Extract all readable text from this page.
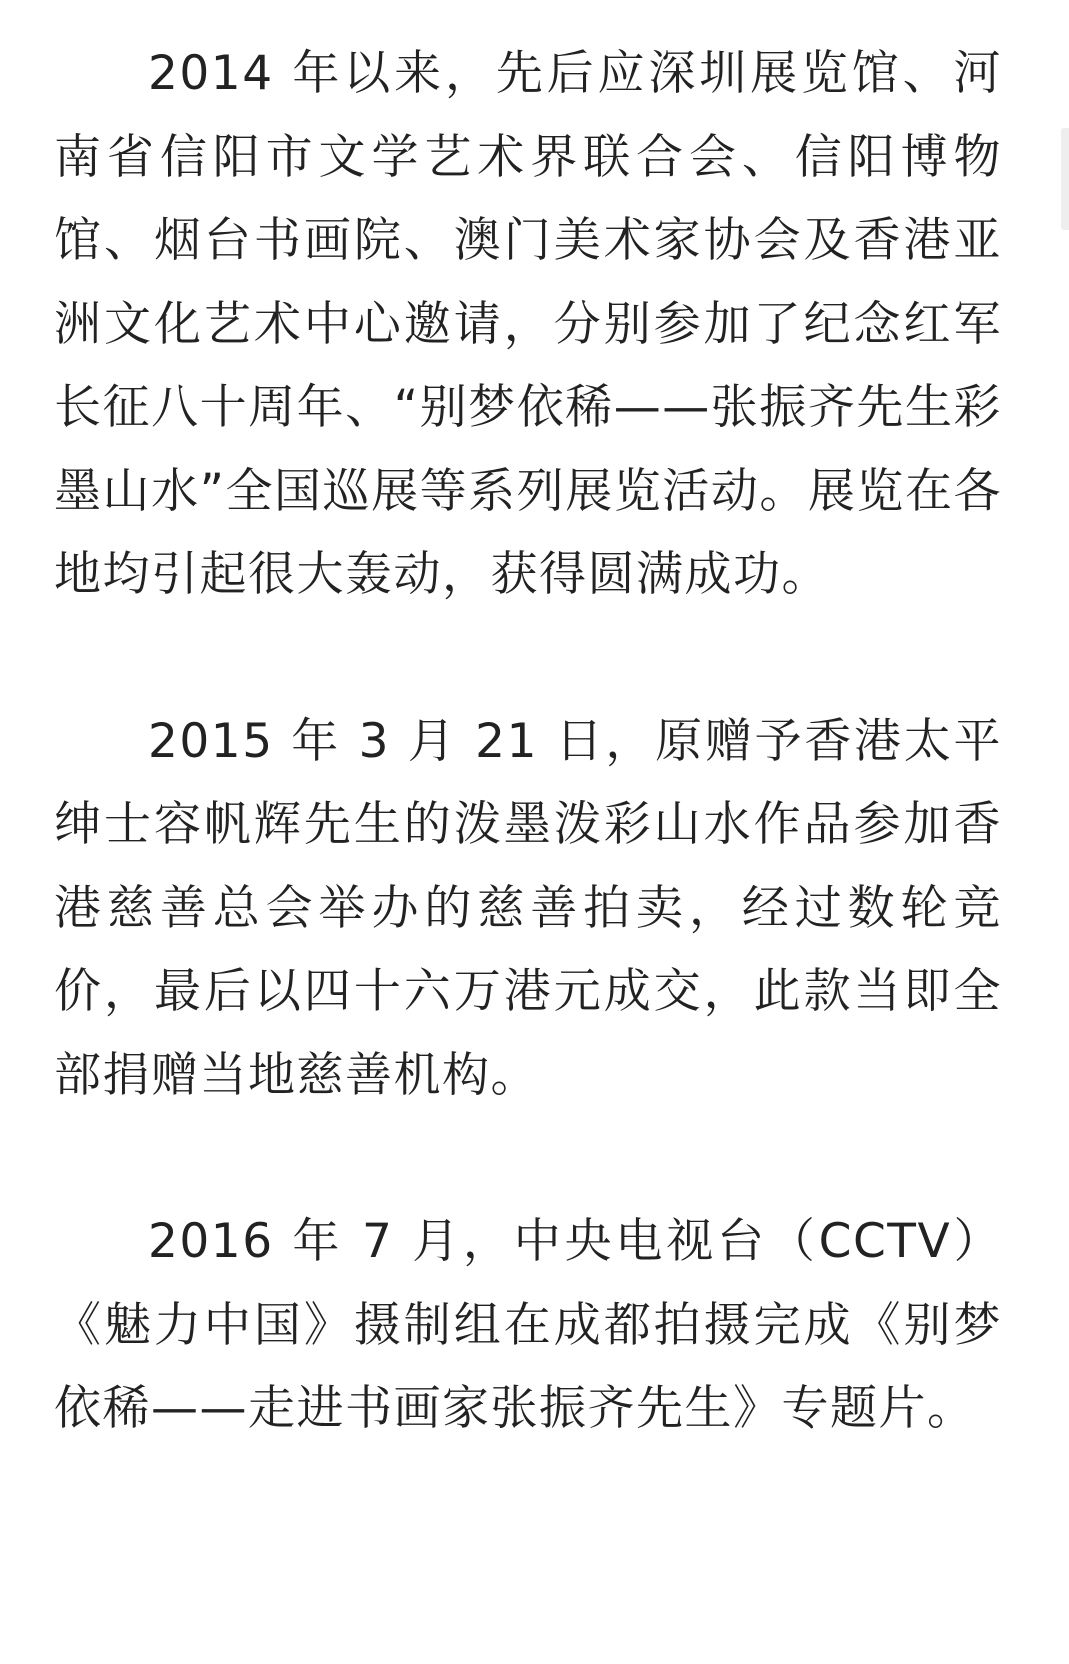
2014 年以来，先后应深圳展览馆、河南省信阳市文学艺术界联合会、信阳博物馆、烟台书画院、澳门美术家协会及香港亚洲文化艺术中心邀请，分别参加了纪念红军长征八十周年、“别梦依稀——张振齐先生彩墨山水”全国巡展等系列展览活动。展览在各地均引起很大轰动，获得圆满成功。

2015 年 3 月 21 日，原赠予香港太平绅士容帆辉先生的泼墨泼彩山水作品参加香港慈善总会举办的慈善拍卖，经过数轮竞价，最后以四十六万港元成交，此款当即全部捐赠当地慈善机构。

2016 年 7 月，中央电视台（CCTV）《魅力中国》摄制组在成都拍摄完成《别梦依稀——走进书画家张振齐先生》专题片。
